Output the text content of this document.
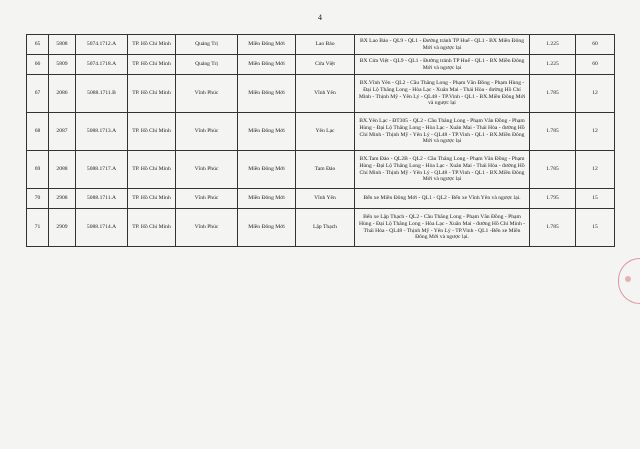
4
65	5808	5074.1712.A	TP. Hồ Chí Minh	Quảng Trị	Miền Đông Mới	Lao Bảo	BX Lao Bảo - QL9 - QL1 - Đường tránh TP Huế - QL1 - BX Miền Đông Mới và ngược lại	1.225	60
66	5809	5074.1718.A	TP. Hồ Chí Minh	Quảng Trị	Miền Đông Mới	Cửa Việt	BX Cửa Việt - QL9 - QL1 - Đường tránh TP Huế - QL1 - BX Miền Đông Mới và ngược lại	1.225	60
67	2086	5088.1711.B	TP. Hồ Chí Minh	Vĩnh Phúc	Miền Đông Mới	Vĩnh Yên	BX.Vĩnh Yên - QL2 - Cầu Thăng Long - Phạm Văn Đồng - Phạm Hùng - Đại Lộ Thăng Long - Hòa Lạc - Xuân Mai - Thái Hòa - đường Hồ Chí Minh - Thịnh Mỹ - Yên Lý - QL48 - TP.Vinh - QL1 - BX.Miền Đông Mới và ngược lại	1.785	12
68	2087	5088.1713.A	TP. Hồ Chí Minh	Vĩnh Phúc	Miền Đông Mới	Yên Lạc	BX.Yên Lạc - ĐT305 - QL2 - Cầu Thăng Long - Phạm Văn Đồng - Phạm Hùng - Đại Lộ Thăng Long - Hòa Lạc - Xuân Mai - Thái Hòa - đường Hồ Chí Minh - Thịnh Mỹ - Yên Lý - QL48 - TP.Vinh - QL1 - BX.Miền Đông Mới và ngược lại	1.785	12
69	2088	5088.1717.A	TP. Hồ Chí Minh	Vĩnh Phúc	Miền Đông Mới	Tam Đảo	BX.Tam Đảo - QL2B - QL2 - Cầu Thăng Long - Phạm Văn Đồng - Phạm Hùng - Đại Lộ Thăng Long - Hòa Lạc - Xuân Mai - Thái Hòa - đường Hồ Chí Minh - Thịnh Mỹ - Yên Lý - QL48 - TP.Vinh - QL1 - BX.Miền Đông Mới và ngược lại	1.785	12
70	2908	5088.1711.A	TP. Hồ Chí Minh	Vĩnh Phúc	Miền Đông Mới	Vĩnh Yên	Bến xe Miền Đông Mới - QL1 - QL2 - Bến xe Vĩnh Yên và ngược lại.	1.795	15
71	2909	5088.1714.A	TP. Hồ Chí Minh	Vĩnh Phúc	Miền Đông Mới	Lập Thạch	Bến xe Lập Thạch - QL2 - Cầu Thăng Long - Phạm Văn Đồng - Phạm Hùng - Đại Lộ Thăng Long - Hòa Lạc - Xuân Mai - đường Hồ Chí Minh -Thái Hòa - QL48 - Thịnh Mỹ - Yên Lý - TP.Vinh - QL1 -Bến xe Miền Đông Mới và ngược lại.	1.785	15
